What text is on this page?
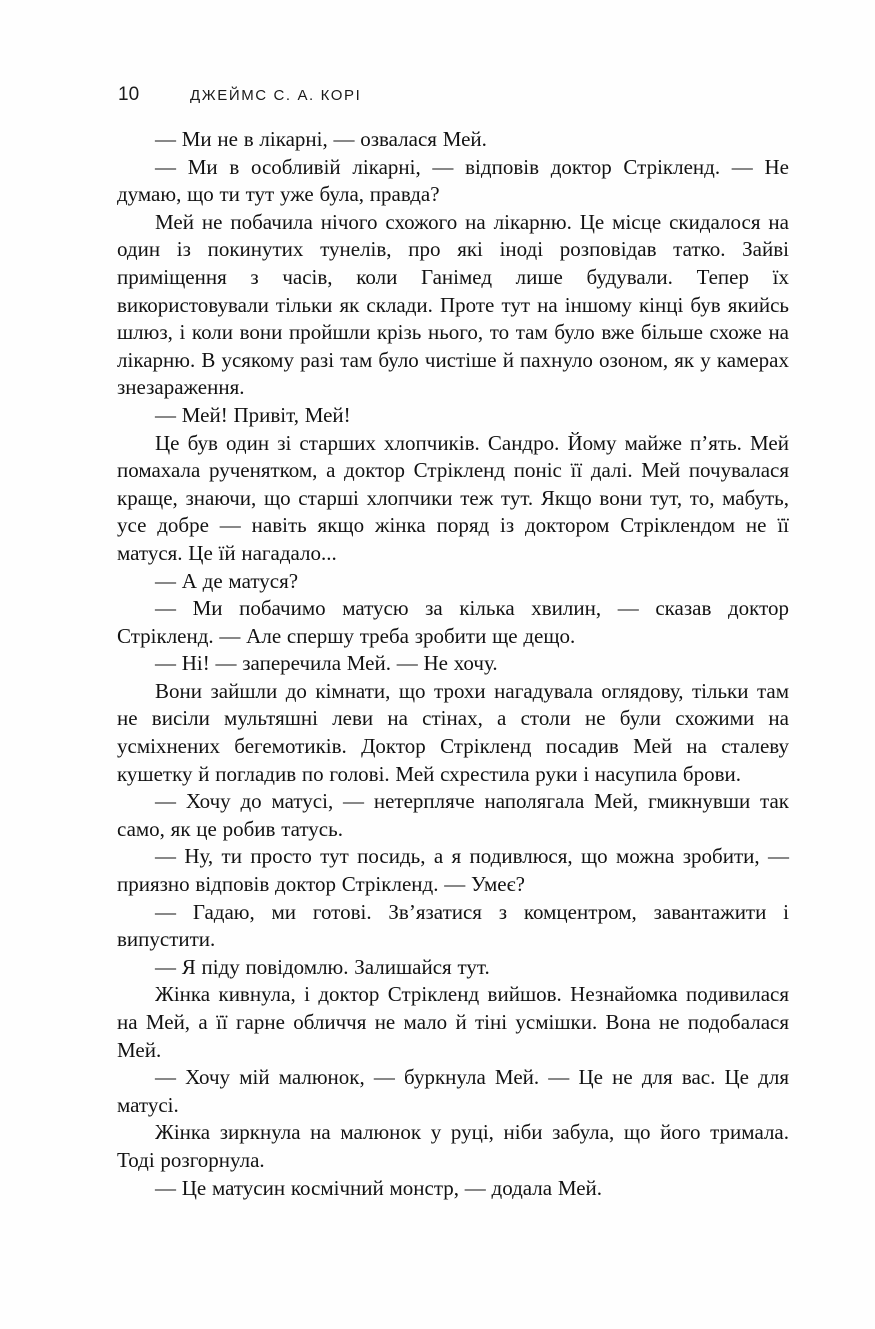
10	ДЖЕЙМС С. А. КОРІ

— Ми не в лікарні, — озвалася Мей.

— Ми в особливій лікарні, — відповів доктор Стрікленд. — Не думаю, що ти тут уже була, правда?

Мей не побачила нічого схожого на лікарню. Це місце скидалося на один із покинутих тунелів, про які іноді розповідав татко. Зайві приміщення з часів, коли Ганімед лише будували. Тепер їх використовували тільки як склади. Проте тут на іншому кінці був якийсь шлюз, і коли вони пройшли крізь нього, то там було вже більше схоже на лікарню. В усякому разі там було чистіше й пахнуло озоном, як у камерах знезараження.

— Мей! Привіт, Мей!

Це був один зі старших хлопчиків. Сандро. Йому майже п’ять. Мей помахала рученятком, а доктор Стрікленд поніс її далі. Мей почувалася краще, знаючи, що старші хлопчики теж тут. Якщо вони тут, то, мабуть, усе добре — навіть якщо жінка поряд із доктором Стріклендом не її матуся. Це їй нагадало...

— А де матуся?

— Ми побачимо матусю за кілька хвилин, — сказав доктор Стрікленд. — Але спершу треба зробити ще дещо.

— Ні! — заперечила Мей. — Не хочу.

Вони зайшли до кімнати, що трохи нагадувала оглядову, тільки там не висіли мультяшні леви на стінах, а столи не були схожими на усміхнених бегемотиків. Доктор Стрікленд посадив Мей на сталеву кушетку й погладив по голові. Мей схрестила руки і насупила брови.

— Хочу до матусі, — нетерпляче наполягала Мей, гмикнувши так само, як це робив татусь.

— Ну, ти просто тут посидь, а я подивлюся, що можна зробити, — приязно відповів доктор Стрікленд. — Умеє?

— Гадаю, ми готові. Зв’язатися з комцентром, завантажити і випустити.

— Я піду повідомлю. Залишайся тут.

Жінка кивнула, і доктор Стрікленд вийшов. Незнайомка подивилася на Мей, а її гарне обличчя не мало й тіні усмішки. Вона не подобалася Мей.

— Хочу мій малюнок, — буркнула Мей. — Це не для вас. Це для матусі.

Жінка зиркнула на малюнок у руці, ніби забула, що його тримала. Тоді розгорнула.

— Це матусин космічний монстр, — додала Мей.
